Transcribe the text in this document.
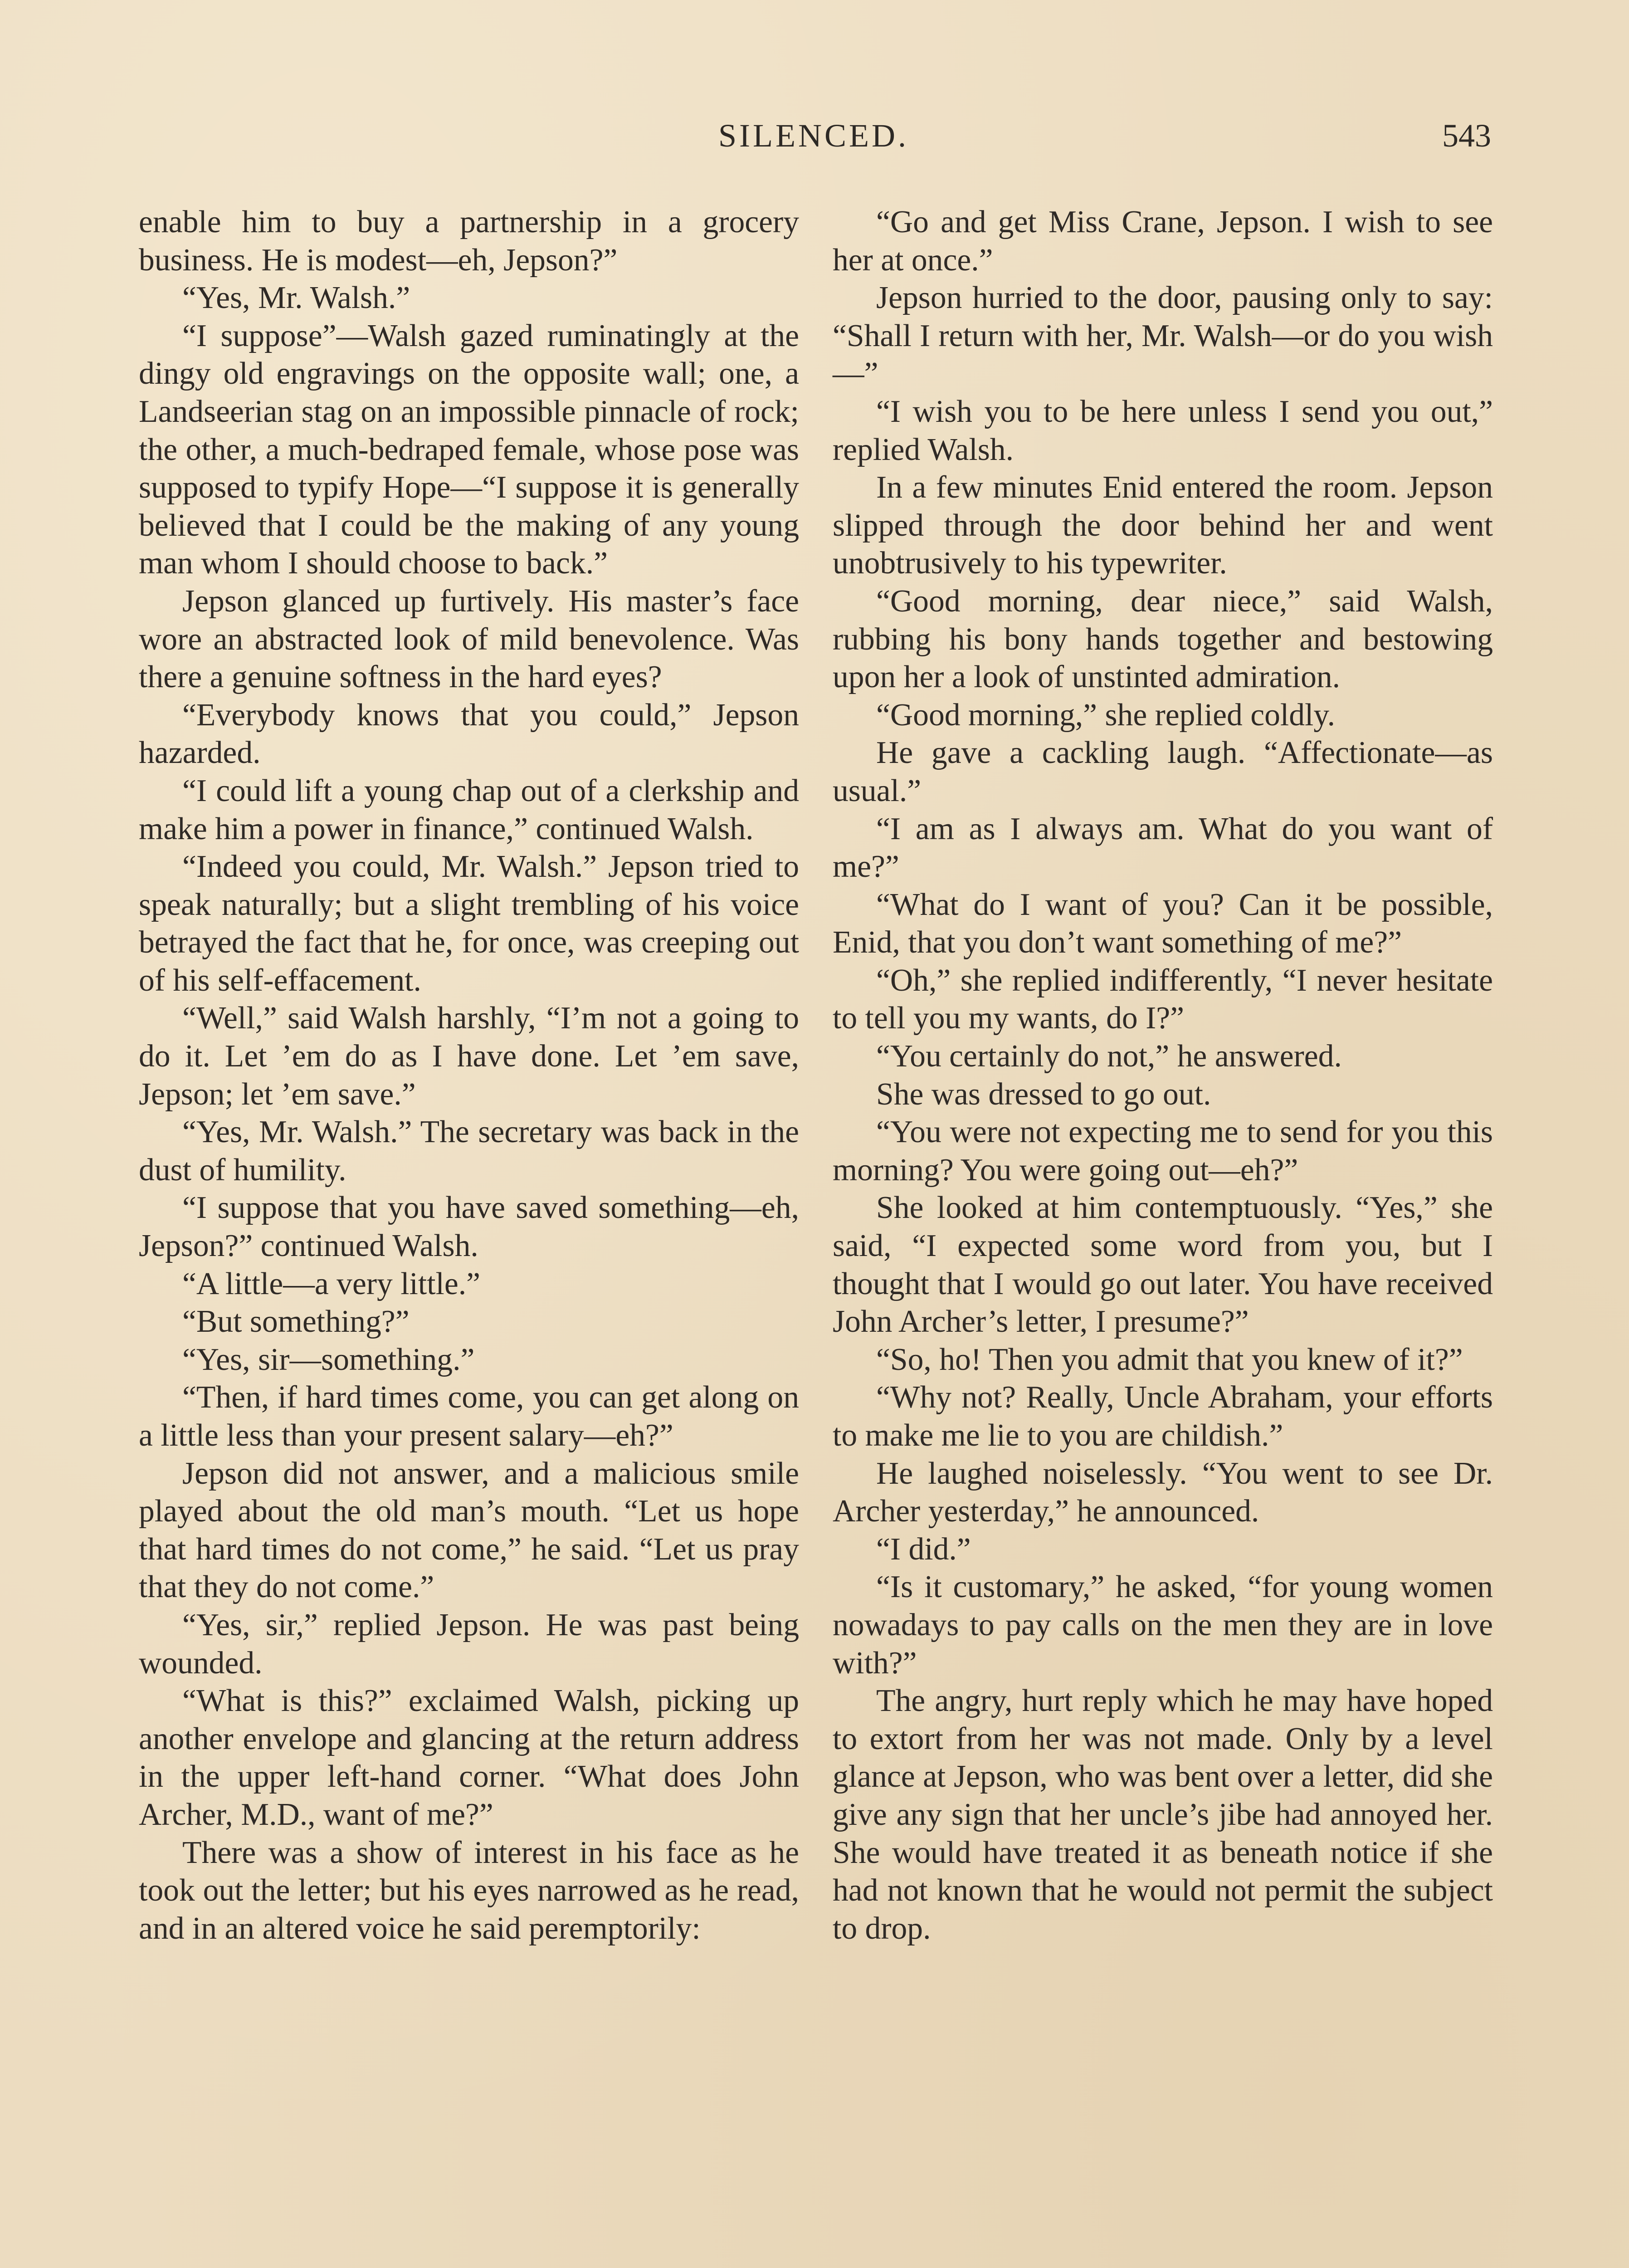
SILENCED.	543

enable him to buy a partnership in a grocery business. He is modest—eh, Jepson?”

“Yes, Mr. Walsh.”

“I suppose”—Walsh gazed ruminatingly at the dingy old engravings on the opposite wall; one, a Landseerian stag on an impossible pinnacle of rock; the other, a much-bedraped female, whose pose was supposed to typify Hope—“I suppose it is generally believed that I could be the making of any young man whom I should choose to back.”

Jepson glanced up furtively. His master’s face wore an abstracted look of mild benevolence. Was there a genuine softness in the hard eyes?

“Everybody knows that you could,” Jepson hazarded.

“I could lift a young chap out of a clerkship and make him a power in finance,” continued Walsh.

“Indeed you could, Mr. Walsh.” Jepson tried to speak naturally; but a slight trembling of his voice betrayed the fact that he, for once, was creeping out of his self-effacement.

“Well,” said Walsh harshly, “I’m not a going to do it. Let ’em do as I have done. Let ’em save, Jepson; let ’em save.”

“Yes, Mr. Walsh.” The secretary was back in the dust of humility.

“I suppose that you have saved something—eh, Jepson?” continued Walsh.

“A little—a very little.”

“But something?”

“Yes, sir—something.”

“Then, if hard times come, you can get along on a little less than your present salary—eh?”

Jepson did not answer, and a malicious smile played about the old man’s mouth. “Let us hope that hard times do not come,” he said. “Let us pray that they do not come.”

“Yes, sir,” replied Jepson. He was past being wounded.

“What is this?” exclaimed Walsh, picking up another envelope and glancing at the return address in the upper left-hand corner. “What does John Archer, M.D., want of me?”

There was a show of interest in his face as he took out the letter; but his eyes narrowed as he read, and in an altered voice he said peremptorily:

“Go and get Miss Crane, Jepson. I wish to see her at once.”

Jepson hurried to the door, pausing only to say: “Shall I return with her, Mr. Walsh—or do you wish—”

“I wish you to be here unless I send you out,” replied Walsh.

In a few minutes Enid entered the room. Jepson slipped through the door behind her and went unobtrusively to his typewriter.

“Good morning, dear niece,” said Walsh, rubbing his bony hands together and bestowing upon her a look of unstinted admiration.

“Good morning,” she replied coldly.

He gave a cackling laugh. “Affectionate—as usual.”

“I am as I always am. What do you want of me?”

“What do I want of you? Can it be possible, Enid, that you don’t want something of me?”

“Oh,” she replied indifferently, “I never hesitate to tell you my wants, do I?”

“You certainly do not,” he answered.

She was dressed to go out.

“You were not expecting me to send for you this morning? You were going out—eh?”

She looked at him contemptuously. “Yes,” she said, “I expected some word from you, but I thought that I would go out later. You have received John Archer’s letter, I presume?”

“So, ho! Then you admit that you knew of it?”

“Why not? Really, Uncle Abraham, your efforts to make me lie to you are childish.”

He laughed noiselessly. “You went to see Dr. Archer yesterday,” he announced.

“I did.”

“Is it customary,” he asked, “for young women nowadays to pay calls on the men they are in love with?”

The angry, hurt reply which he may have hoped to extort from her was not made. Only by a level glance at Jepson, who was bent over a letter, did she give any sign that her uncle’s jibe had annoyed her. She would have treated it as beneath notice if she had not known that he would not permit the subject to drop.
